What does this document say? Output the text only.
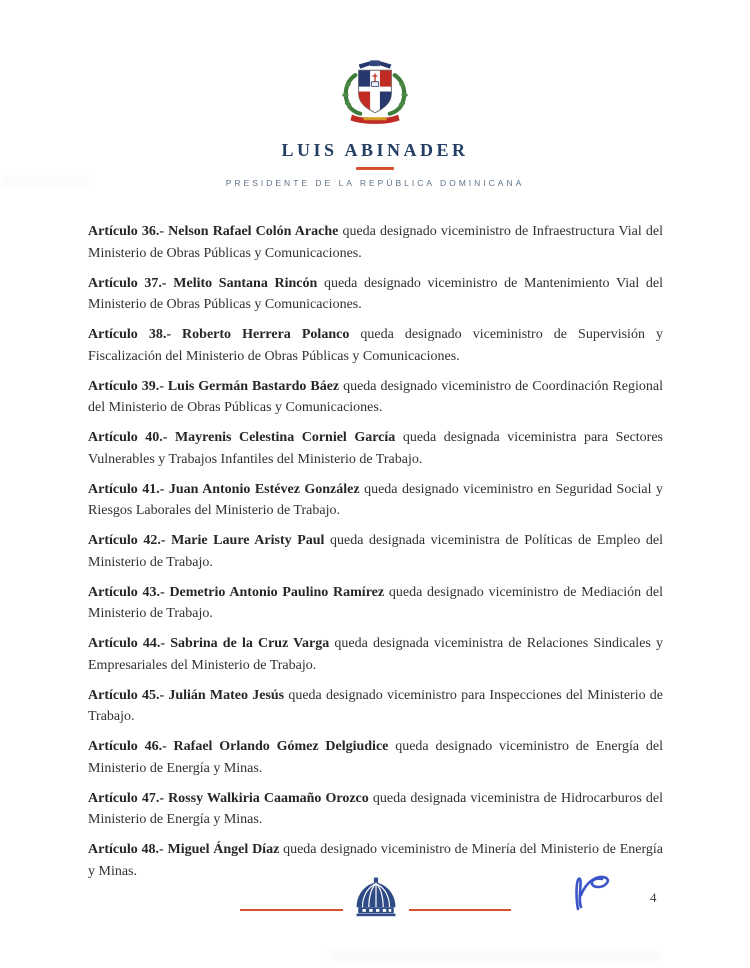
LUIS ABINADER
PRESIDENTE DE LA REPÚBLICA DOMINICANA

Artículo 36.- Nelson Rafael Colón Arache queda designado viceministro de Infraestructura Vial del Ministerio de Obras Públicas y Comunicaciones.

Artículo 37.- Melito Santana Rincón queda designado viceministro de Mantenimiento Vial del Ministerio de Obras Públicas y Comunicaciones.

Artículo 38.- Roberto Herrera Polanco queda designado viceministro de Supervisión y Fiscalización del Ministerio de Obras Públicas y Comunicaciones.

Artículo 39.- Luis Germán Bastardo Báez queda designado viceministro de Coordinación Regional del Ministerio de Obras Públicas y Comunicaciones.

Artículo 40.- Mayrenis Celestina Corniel García queda designada viceministra para Sectores Vulnerables y Trabajos Infantiles del Ministerio de Trabajo.

Artículo 41.- Juan Antonio Estévez González queda designado viceministro en Seguridad Social y Riesgos Laborales del Ministerio de Trabajo.

Artículo 42.- Marie Laure Aristy Paul queda designada viceministra de Políticas de Empleo del Ministerio de Trabajo.

Artículo 43.- Demetrio Antonio Paulino Ramírez queda designado viceministro de Mediación del Ministerio de Trabajo.

Artículo 44.- Sabrina de la Cruz Varga queda designada viceministra de Relaciones Sindicales y Empresariales del Ministerio de Trabajo.

Artículo 45.- Julián Mateo Jesús queda designado viceministro para Inspecciones del Ministerio de Trabajo.

Artículo 46.- Rafael Orlando Gómez Delgiudice queda designado viceministro de Energía del Ministerio de Energía y Minas.

Artículo 47.- Rossy Walkiria Caamaño Orozco queda designada viceministra de Hidrocarburos del Ministerio de Energía y Minas.

Artículo 48.- Miguel Ángel Díaz queda designado viceministro de Minería del Ministerio de Energía y Minas.

4
